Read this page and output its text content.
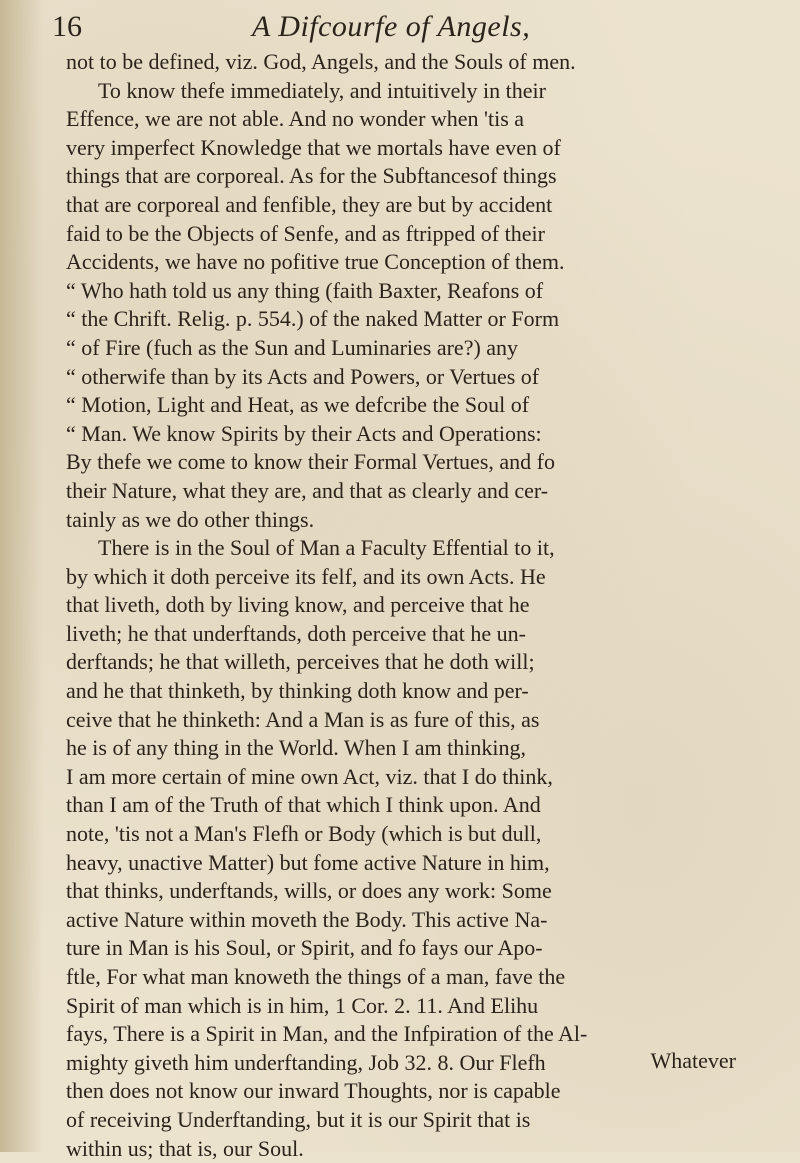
16	A Difcourfe of Angels,
not to be defined, viz. God, Angels, and the Souls of men.
To know thefe immediately, and intuitively in their
Effence, we are not able. And no wonder when 'tis a
very imperfect Knowledge that we mortals have even of
things that are corporeal. As for the Subftancesof things
that are corporeal and fenfible, they are but by accident
faid to be the Objects of Senfe, and as ftripped of their
Accidents, we have no pofitive true Conception of them.
“ Who hath told us any thing (faith Baxter, Reafons of
“ the Chrift. Relig. p. 554.) of the naked Matter or Form
“ of Fire (fuch as the Sun and Luminaries are?) any
“ otherwife than by its Acts and Powers, or Vertues of
“ Motion, Light and Heat, as we defcribe the Soul of
“ Man. We know Spirits by their Acts and Operations:
By thefe we come to know their Formal Vertues, and fo
their Nature, what they are, and that as clearly and cer-
tainly as we do other things.
There is in the Soul of Man a Faculty Effential to it,
by which it doth perceive its felf, and its own Acts. He
that liveth, doth by living know, and perceive that he
liveth; he that underftands, doth perceive that he un-
derftands; he that willeth, perceives that he doth will;
and he that thinketh, by thinking doth know and per-
ceive that he thinketh: And a Man is as fure of this, as
he is of any thing in the World. When I am thinking,
I am more certain of mine own Act, viz. that I do think,
than I am of the Truth of that which I think upon. And
note, 'tis not a Man's Flefh or Body (which is but dull,
heavy, unactive Matter) but fome active Nature in him,
that thinks, underftands, wills, or does any work: Some
active Nature within moveth the Body. This active Na-
ture in Man is his Soul, or Spirit, and fo fays our Apo-
ftle, For what man knoweth the things of a man, fave the
Spirit of man which is in him, 1 Cor. 2. 11. And Elihu
fays, There is a Spirit in Man, and the Infpiration of the Al-
mighty giveth him underftanding, Job 32. 8. Our Flefh
then does not know our inward Thoughts, nor is capable
of receiving Underftanding, but it is our Spirit that is
within us; that is, our Soul.
Whatever
